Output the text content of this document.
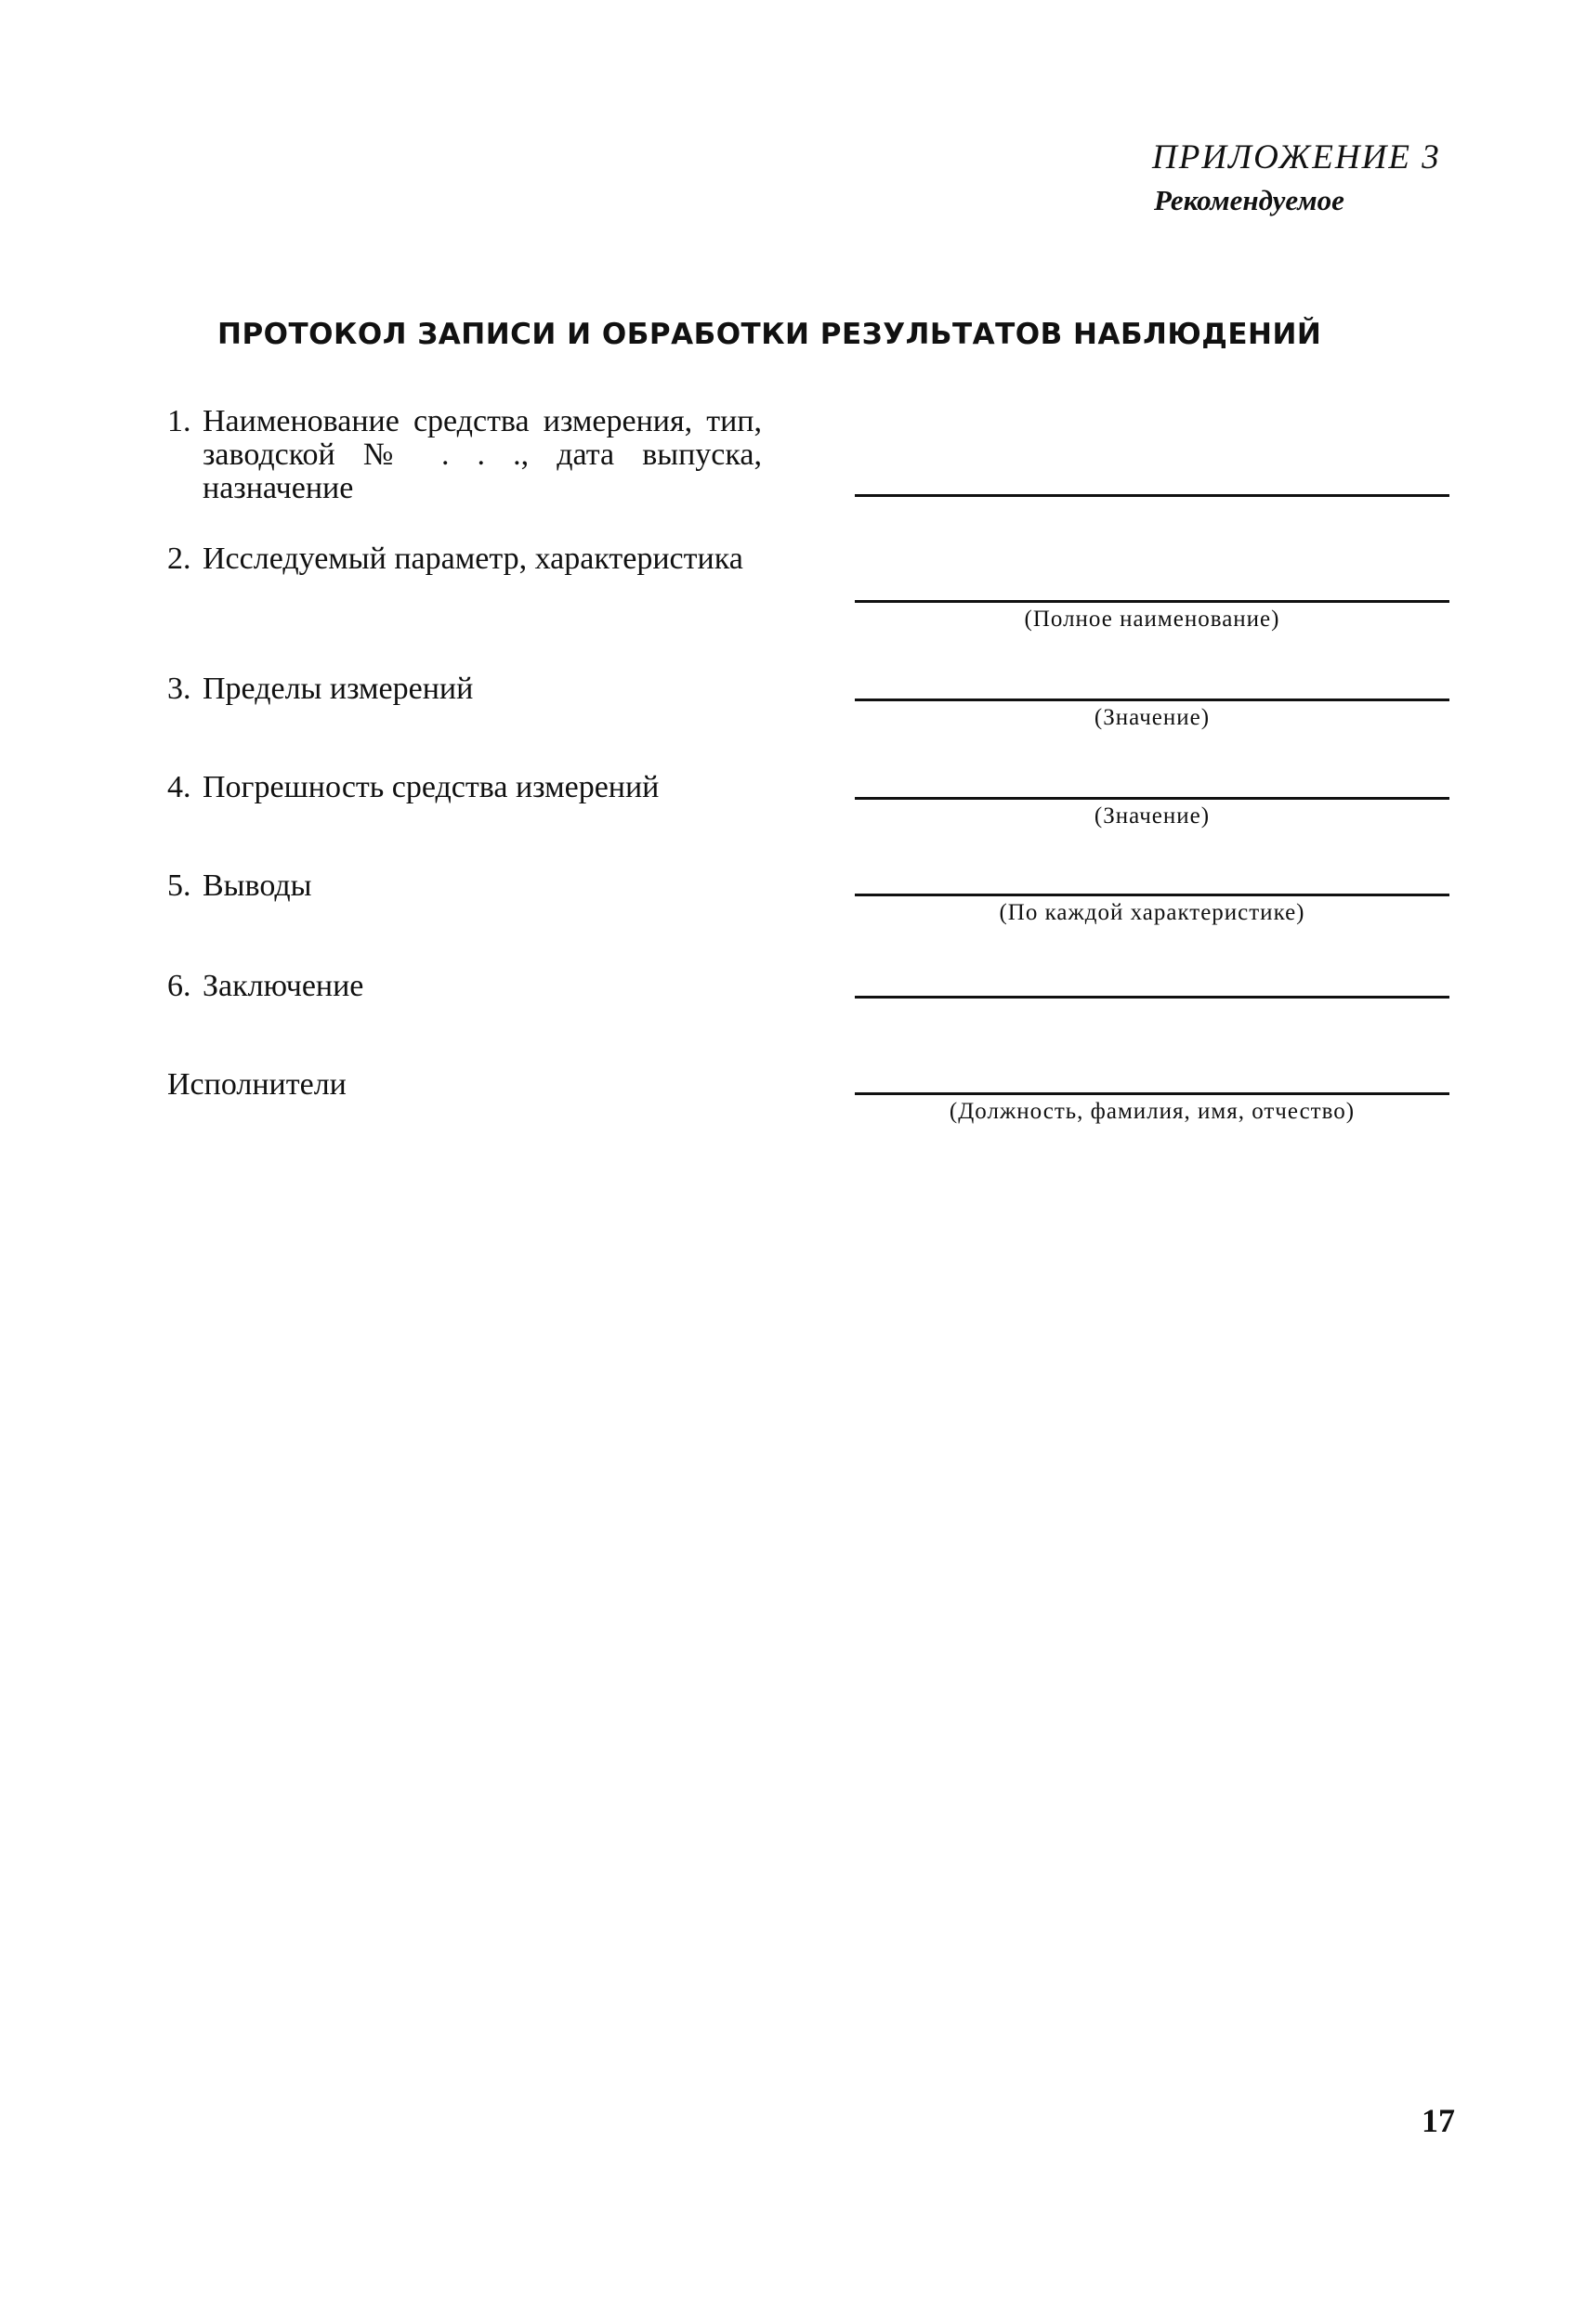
ПРИЛОЖЕНИЕ 3
Рекомендуемое
ПРОТОКОЛ ЗАПИСИ И ОБРАБОТКИ РЕЗУЛЬТАТОВ НАБЛЮДЕНИЙ
1. Наименование средства измерения, тип, заводской № . . ., дата выпуска, назначение
2. Исследуемый параметр, характеристика
(Полное наименование)
3. Пределы измерений
(Значение)
4. Погрешность средства измерений
(Значение)
5. Выводы
(По каждой характеристике)
6. Заключение
Исполнители
(Должность, фамилия, имя, отчество)
17
